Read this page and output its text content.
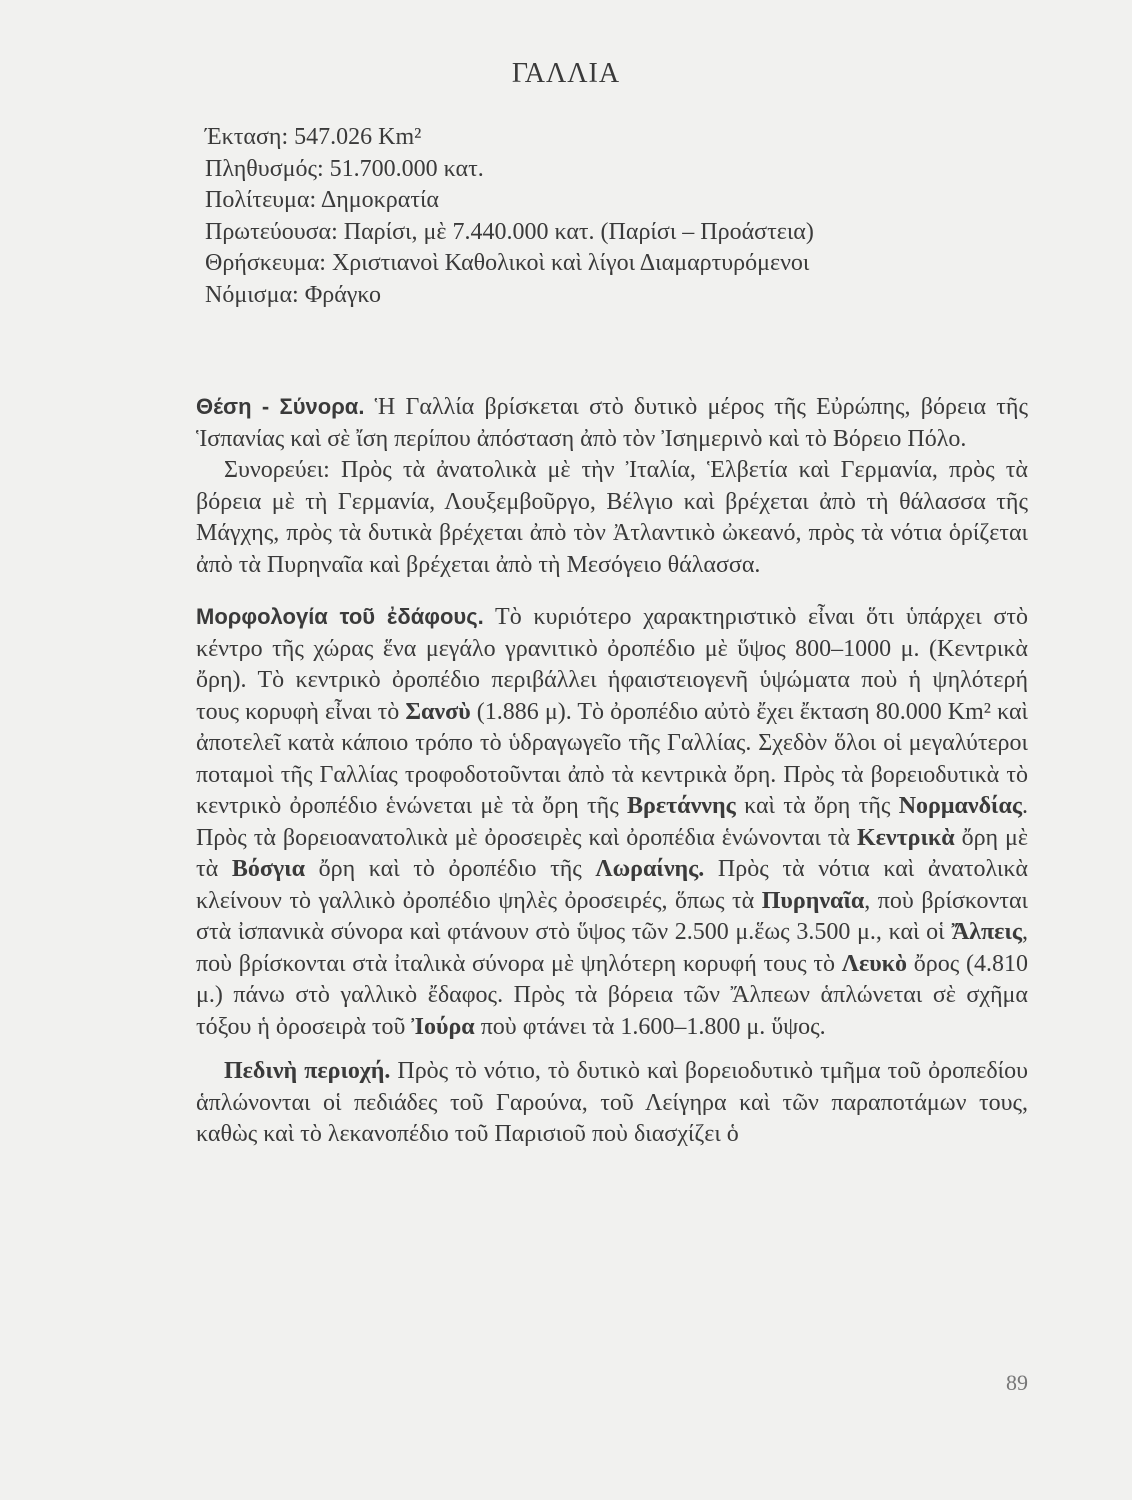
ΓΑΛΛΙΑ
Έκταση: 547.026 Km²
Πληθυσμός: 51.700.000 κατ.
Πολίτευμα: Δημοκρατία
Πρωτεύουσα: Παρίσι, μὲ 7.440.000 κατ. (Παρίσι – Προάστεια)
Θρήσκευμα: Χριστιανοὶ Καθολικοὶ καὶ λίγοι Διαμαρτυρόμενοι
Νόμισμα: Φράγκο

Θέση - Σύνορα. Ἡ Γαλλία βρίσκεται στὸ δυτικὸ μέρος τῆς Εὐρώπης, βόρεια τῆς Ἱσπανίας καὶ σὲ ἴση περίπου ἀπόσταση ἀπὸ τὸν Ἰσημερινὸ καὶ τὸ Βόρειο Πόλο.

Συνορεύει: Πρὸς τὰ ἀνατολικὰ μὲ τὴν Ἰταλία, Ἑλβετία καὶ Γερμανία, πρὸς τὰ βόρεια μὲ τὴ Γερμανία, Λουξεμβοῦργο, Βέλγιο καὶ βρέχεται ἀπὸ τὴ θάλασσα τῆς Μάγχης, πρὸς τὰ δυτικὰ βρέχεται ἀπὸ τὸν Ἀτλαντικὸ ὠκεανό, πρὸς τὰ νότια ὁρίζεται ἀπὸ τὰ Πυρηναῖα καὶ βρέχεται ἀπὸ τὴ Μεσόγειο θάλασσα.

Μορφολογία τοῦ ἐδάφους. Τὸ κυριότερο χαρακτηριστικὸ εἶναι ὅτι ὑπάρχει στὸ κέντρο τῆς χώρας ἕνα μεγάλο γρανιτικὸ ὀροπέδιο μὲ ὕψος 800–1000 μ. (Κεντρικὰ ὄρη). Τὸ κεντρικὸ ὀροπέδιο περιβάλλει ἡφαιστειογενῆ ὑψώματα ποὺ ἡ ψηλότερή τους κορυφὴ εἶναι τὸ Σανσὺ (1.886 μ). Τὸ ὀροπέδιο αὐτὸ ἔχει ἔκταση 80.000 Km² καὶ ἀποτελεῖ κατὰ κάποιο τρόπο τὸ ὑδραγωγεῖο τῆς Γαλλίας. Σχεδὸν ὅλοι οἱ μεγαλύτεροι ποταμοὶ τῆς Γαλλίας τροφοδοτοῦνται ἀπὸ τὰ κεντρικὰ ὄρη. Πρὸς τὰ βορειοδυτικὰ τὸ κεντρικὸ ὀροπέδιο ἑνώνεται μὲ τὰ ὄρη τῆς Βρετάννης καὶ τὰ ὄρη τῆς Νορμανδίας. Πρὸς τὰ βορειοανατολικὰ μὲ ὀροσειρὲς καὶ ὀροπέδια ἑνώνονται τὰ Κεντρικὰ ὄρη μὲ τὰ Βόσγια ὄρη καὶ τὸ ὀροπέδιο τῆς Λωραίνης. Πρὸς τὰ νότια καὶ ἀνατολικὰ κλείνουν τὸ γαλλικὸ ὀροπέδιο ψηλὲς ὀροσειρές, ὅπως τὰ Πυρηναῖα, ποὺ βρίσκονται στὰ ἰσπανικὰ σύνορα καὶ φτάνουν στὸ ὕψος τῶν 2.500 μ.ἕως 3.500 μ., καὶ οἱ Ἄλπεις, ποὺ βρίσκονται στὰ ἰταλικὰ σύνορα μὲ ψηλότερη κορυφή τους τὸ Λευκὸ ὄρος (4.810 μ.) πάνω στὸ γαλλικὸ ἔδαφος. Πρὸς τὰ βόρεια τῶν Ἄλπεων ἁπλώνεται σὲ σχῆμα τόξου ἡ ὀροσειρὰ τοῦ Ἰούρα ποὺ φτάνει τὰ 1.600–1.800 μ. ὕψος.

Πεδινὴ περιοχή. Πρὸς τὸ νότιο, τὸ δυτικὸ καὶ βορειοδυτικὸ τμῆμα τοῦ ὀροπεδίου ἁπλώνονται οἱ πεδιάδες τοῦ Γαρούνα, τοῦ Λείγηρα καὶ τῶν παραποτάμων τους, καθὼς καὶ τὸ λεκανοπέδιο τοῦ Παρισιοῦ ποὺ διασχίζει ὁ

89
